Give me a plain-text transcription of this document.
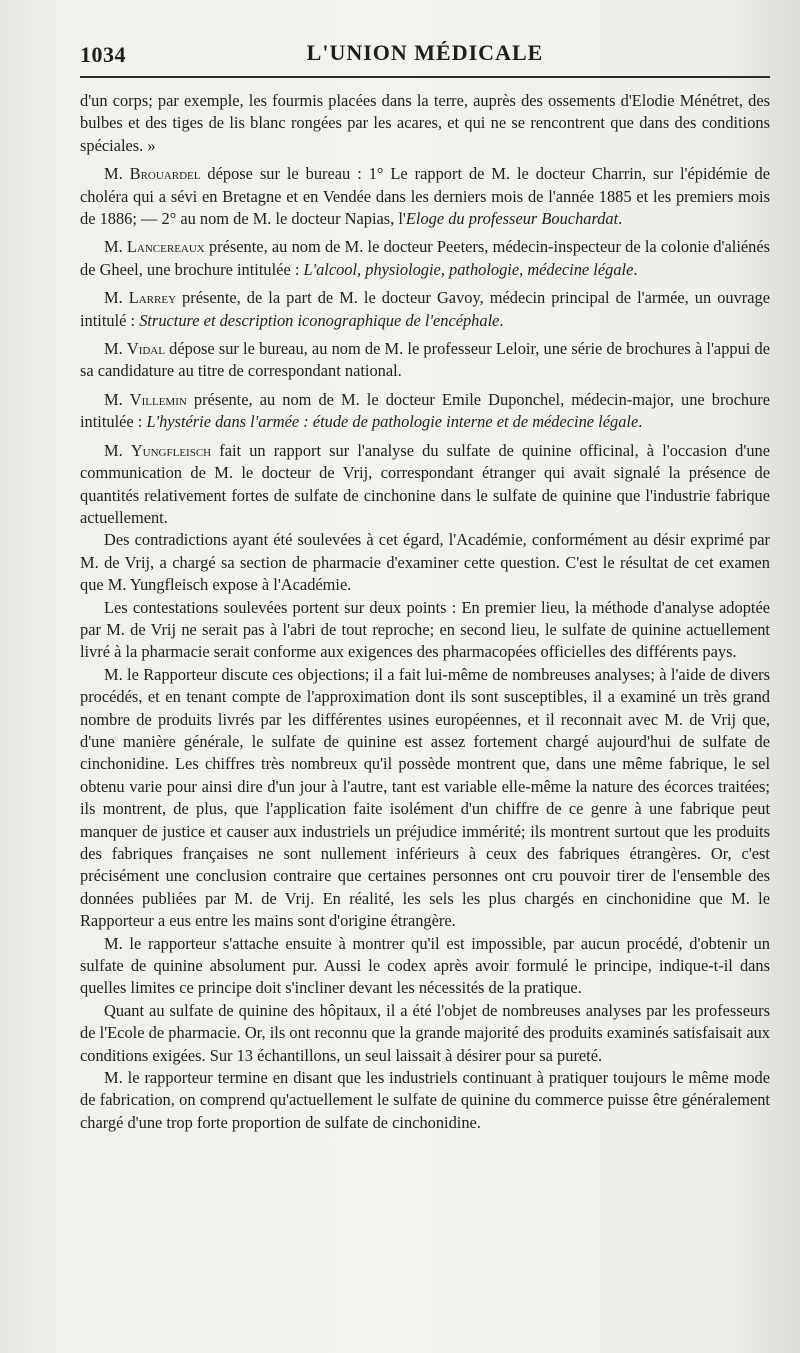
1034	L'UNION MÉDICALE

d'un corps; par exemple, les fourmis placées dans la terre, auprès des ossements d'Elodie Ménétret, des bulbes et des tiges de lis blanc rongées par les acares, et qui ne se rencontrent que dans des conditions spéciales. »

M. Brouardel dépose sur le bureau : 1° Le rapport de M. le docteur Charrin, sur l'épidémie de choléra qui a sévi en Bretagne et en Vendée dans les derniers mois de l'année 1885 et les premiers mois de 1886; — 2° au nom de M. le docteur Napias, l'Eloge du professeur Bouchardat.

M. Lancereaux présente, au nom de M. le docteur Peeters, médecin-inspecteur de la colonie d'aliénés de Gheel, une brochure intitulée : L'alcool, physiologie, pathologie, médecine légale.

M. Larrey présente, de la part de M. le docteur Gavoy, médecin principal de l'armée, un ouvrage intitulé : Structure et description iconographique de l'encéphale.

M. Vidal dépose sur le bureau, au nom de M. le professeur Leloir, une série de brochures à l'appui de sa candidature au titre de correspondant national.

M. Villemin présente, au nom de M. le docteur Emile Duponchel, médecin-major, une brochure intitulée : L'hystérie dans l'armée : étude de pathologie interne et de médecine légale.

M. Yungfleisch fait un rapport sur l'analyse du sulfate de quinine officinal, à l'occasion d'une communication de M. le docteur de Vrij, correspondant étranger qui avait signalé la présence de quantités relativement fortes de sulfate de cinchonine dans le sulfate de quinine que l'industrie fabrique actuellement.

Des contradictions ayant été soulevées à cet égard, l'Académie, conformément au désir exprimé par M. de Vrij, a chargé sa section de pharmacie d'examiner cette question. C'est le résultat de cet examen que M. Yungfleisch expose à l'Académie.

Les contestations soulevées portent sur deux points : En premier lieu, la méthode d'analyse adoptée par M. de Vrij ne serait pas à l'abri de tout reproche; en second lieu, le sulfate de quinine actuellement livré à la pharmacie serait conforme aux exigences des pharmacopées officielles des différents pays.

M. le Rapporteur discute ces objections; il a fait lui-même de nombreuses analyses; à l'aide de divers procédés, et en tenant compte de l'approximation dont ils sont susceptibles, il a examiné un très grand nombre de produits livrés par les différentes usines européennes, et il reconnait avec M. de Vrij que, d'une manière générale, le sulfate de quinine est assez fortement chargé aujourd'hui de sulfate de cinchonidine. Les chiffres très nombreux qu'il possède montrent que, dans une même fabrique, le sel obtenu varie pour ainsi dire d'un jour à l'autre, tant est variable elle-même la nature des écorces traitées; ils montrent, de plus, que l'application faite isolément d'un chiffre de ce genre à une fabrique peut manquer de justice et causer aux industriels un préjudice immérité; ils montrent surtout que les produits des fabriques françaises ne sont nullement inférieurs à ceux des fabriques étrangères. Or, c'est précisément une conclusion contraire que certaines personnes ont cru pouvoir tirer de l'ensemble des données publiées par M. de Vrij. En réalité, les sels les plus chargés en cinchonidine que M. le Rapporteur a eus entre les mains sont d'origine étrangère.

M. le rapporteur s'attache ensuite à montrer qu'il est impossible, par aucun procédé, d'obtenir un sulfate de quinine absolument pur. Aussi le codex après avoir formulé le principe, indique-t-il dans quelles limites ce principe doit s'incliner devant les nécessités de la pratique.

Quant au sulfate de quinine des hôpitaux, il a été l'objet de nombreuses analyses par les professeurs de l'Ecole de pharmacie. Or, ils ont reconnu que la grande majorité des produits examinés satisfaisait aux conditions exigées. Sur 13 échantillons, un seul laissait à désirer pour sa pureté.

M. le rapporteur termine en disant que les industriels continuant à pratiquer toujours le même mode de fabrication, on comprend qu'actuellement le sulfate de quinine du commerce puisse être généralement chargé d'une trop forte proportion de sulfate de cinchonidine.
